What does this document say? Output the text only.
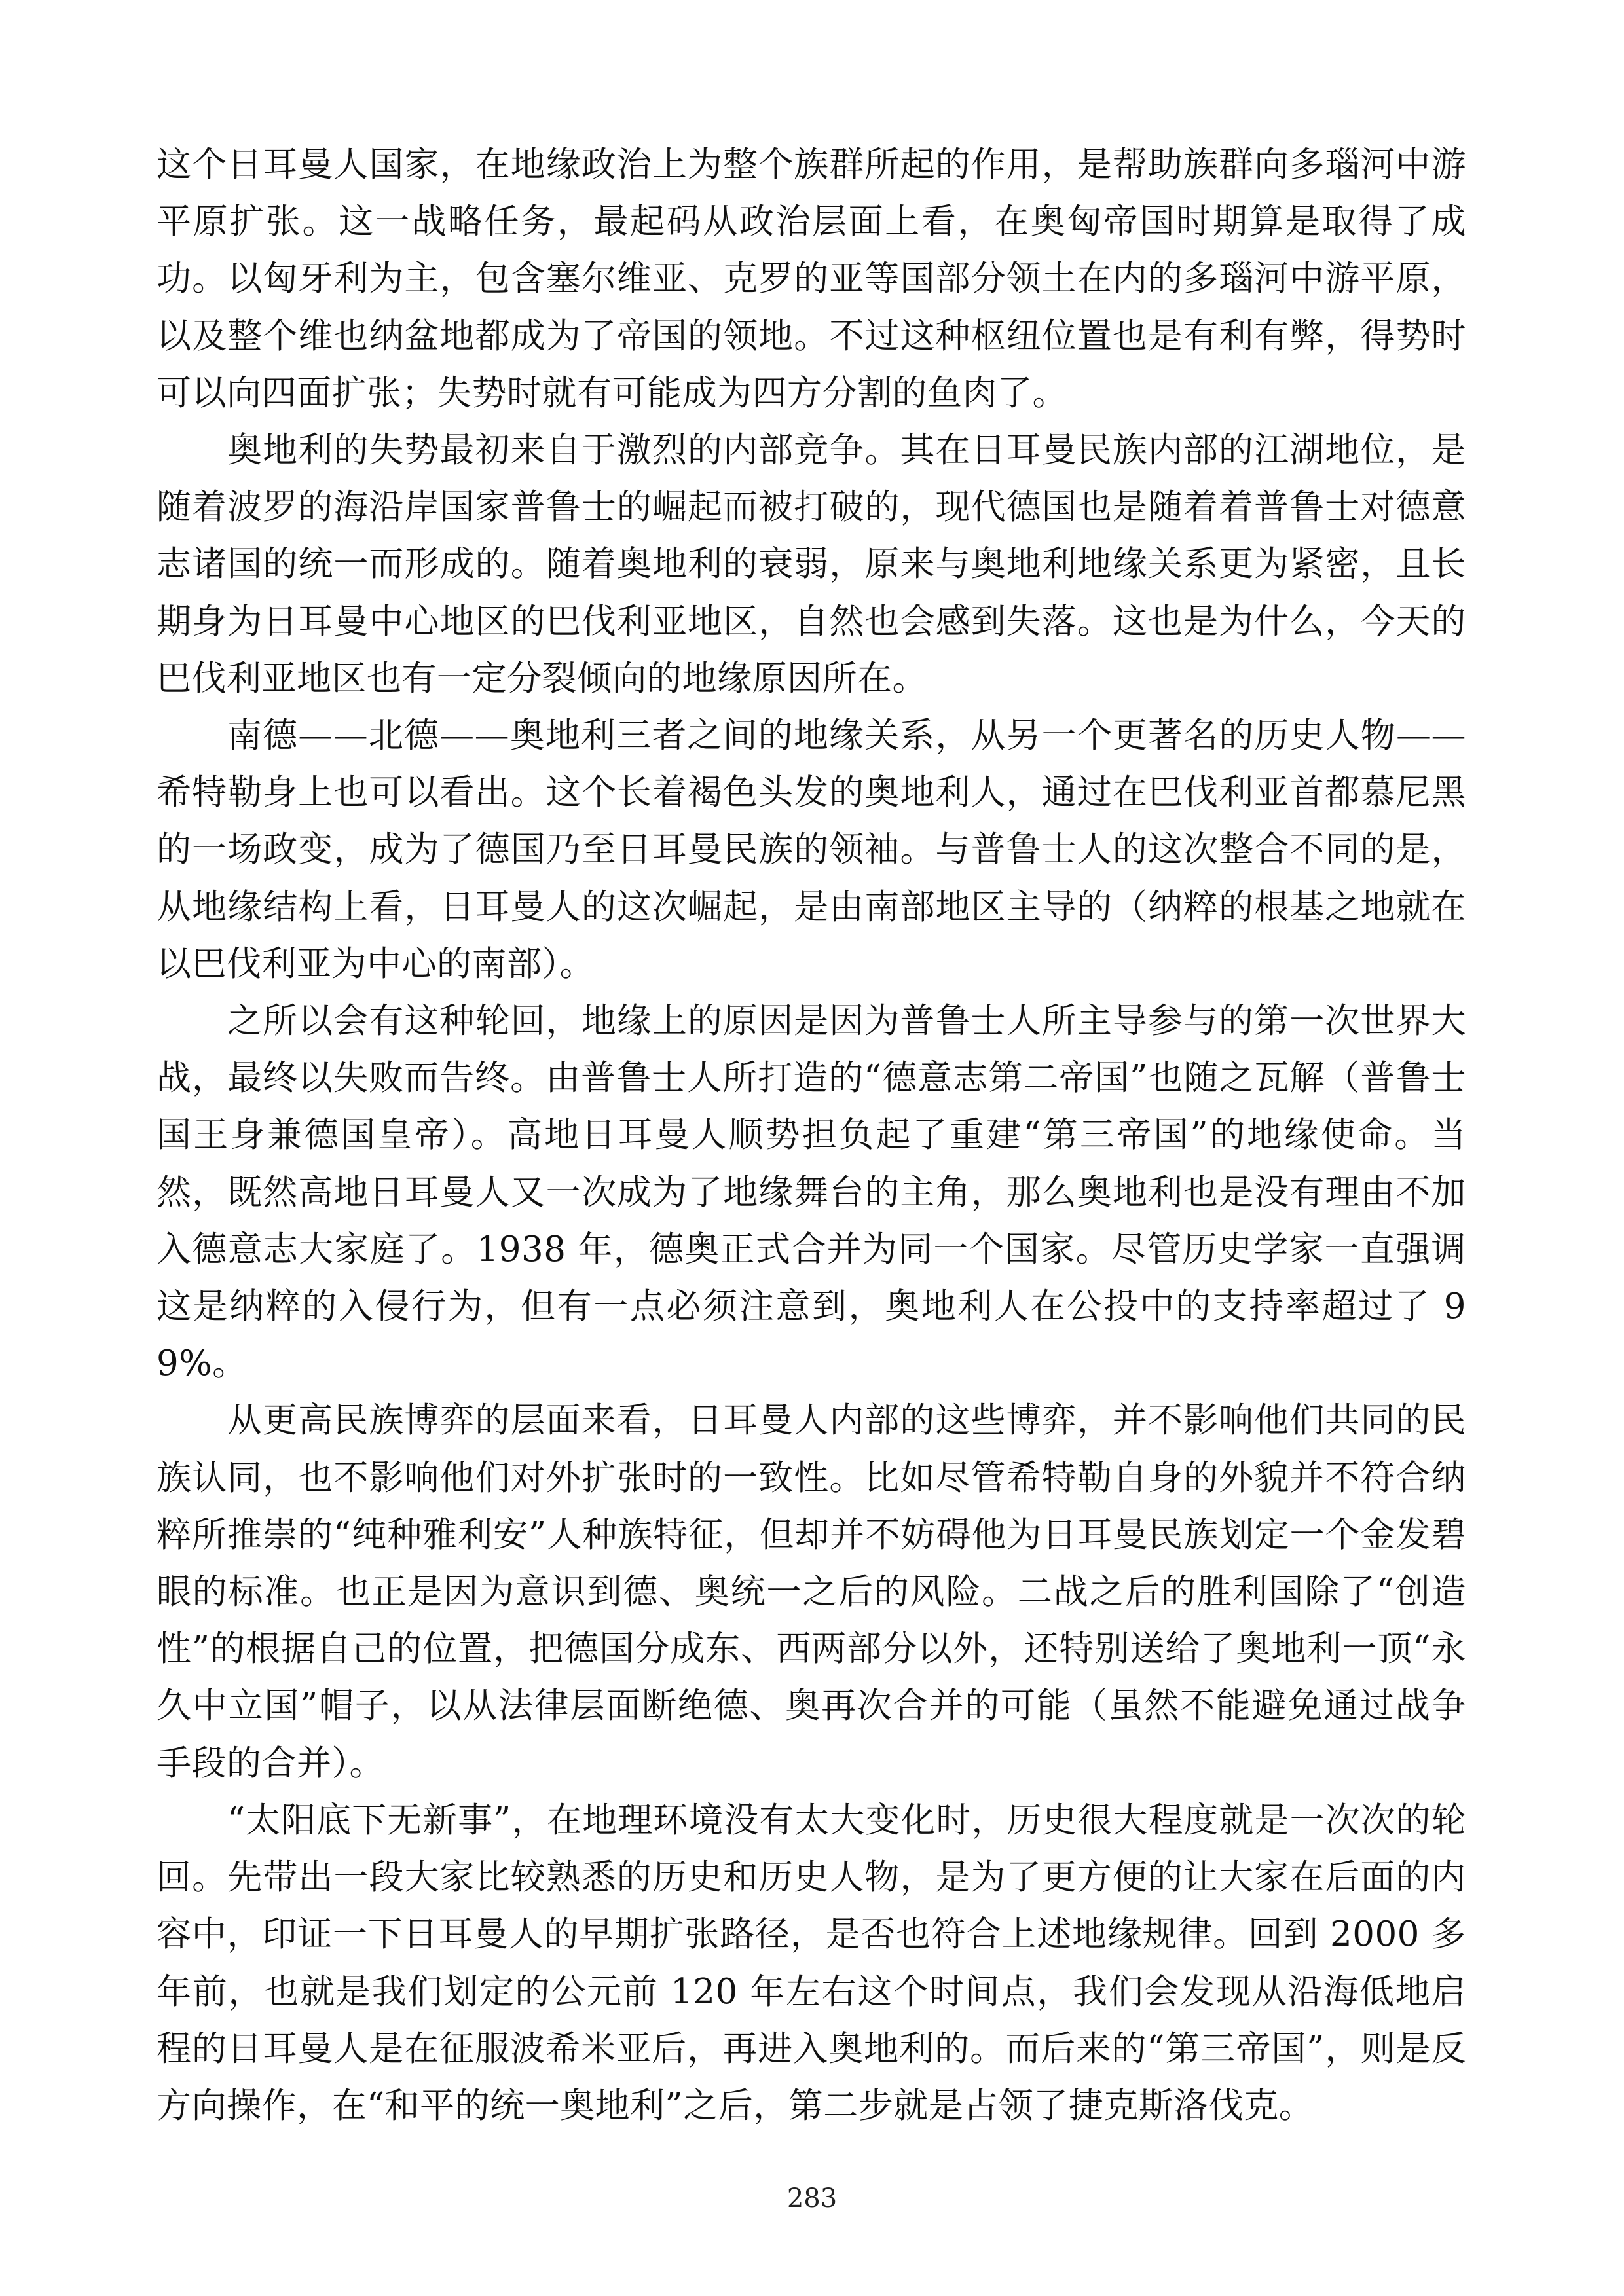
这个日耳曼人国家，在地缘政治上为整个族群所起的作用，是帮助族群向多瑙河中游平原扩张。这一战略任务，最起码从政治层面上看，在奥匈帝国时期算是取得了成功。以匈牙利为主，包含塞尔维亚、克罗的亚等国部分领土在内的多瑙河中游平原，以及整个维也纳盆地都成为了帝国的领地。不过这种枢纽位置也是有利有弊，得势时可以向四面扩张；失势时就有可能成为四方分割的鱼肉了。

奥地利的失势最初来自于激烈的内部竞争。其在日耳曼民族内部的江湖地位，是随着波罗的海沿岸国家普鲁士的崛起而被打破的，现代德国也是随着着普鲁士对德意志诸国的统一而形成的。随着奥地利的衰弱，原来与奥地利地缘关系更为紧密，且长期身为日耳曼中心地区的巴伐利亚地区，自然也会感到失落。这也是为什么，今天的巴伐利亚地区也有一定分裂倾向的地缘原因所在。

南德——北德——奥地利三者之间的地缘关系，从另一个更著名的历史人物——希特勒身上也可以看出。这个长着褐色头发的奥地利人，通过在巴伐利亚首都慕尼黑的一场政变，成为了德国乃至日耳曼民族的领袖。与普鲁士人的这次整合不同的是，从地缘结构上看，日耳曼人的这次崛起，是由南部地区主导的（纳粹的根基之地就在以巴伐利亚为中心的南部）。

之所以会有这种轮回，地缘上的原因是因为普鲁士人所主导参与的第一次世界大战，最终以失败而告终。由普鲁士人所打造的“德意志第二帝国”也随之瓦解（普鲁士国王身兼德国皇帝）。高地日耳曼人顺势担负起了重建“第三帝国”的地缘使命。当然，既然高地日耳曼人又一次成为了地缘舞台的主角，那么奥地利也是没有理由不加入德意志大家庭了。1938 年，德奥正式合并为同一个国家。尽管历史学家一直强调这是纳粹的入侵行为，但有一点必须注意到，奥地利人在公投中的支持率超过了 99%。

从更高民族博弈的层面来看，日耳曼人内部的这些博弈，并不影响他们共同的民族认同，也不影响他们对外扩张时的一致性。比如尽管希特勒自身的外貌并不符合纳粹所推崇的“纯种雅利安”人种族特征，但却并不妨碍他为日耳曼民族划定一个金发碧眼的标准。也正是因为意识到德、奥统一之后的风险。二战之后的胜利国除了“创造性”的根据自己的位置，把德国分成东、西两部分以外，还特别送给了奥地利一顶“永久中立国”帽子，以从法律层面断绝德、奥再次合并的可能（虽然不能避免通过战争手段的合并）。

“太阳底下无新事”，在地理环境没有太大变化时，历史很大程度就是一次次的轮回。先带出一段大家比较熟悉的历史和历史人物，是为了更方便的让大家在后面的内容中，印证一下日耳曼人的早期扩张路径，是否也符合上述地缘规律。回到 2000 多年前，也就是我们划定的公元前 120 年左右这个时间点，我们会发现从沿海低地启程的日耳曼人是在征服波希米亚后，再进入奥地利的。而后来的“第三帝国”，则是反方向操作，在“和平的统一奥地利”之后，第二步就是占领了捷克斯洛伐克。

283
